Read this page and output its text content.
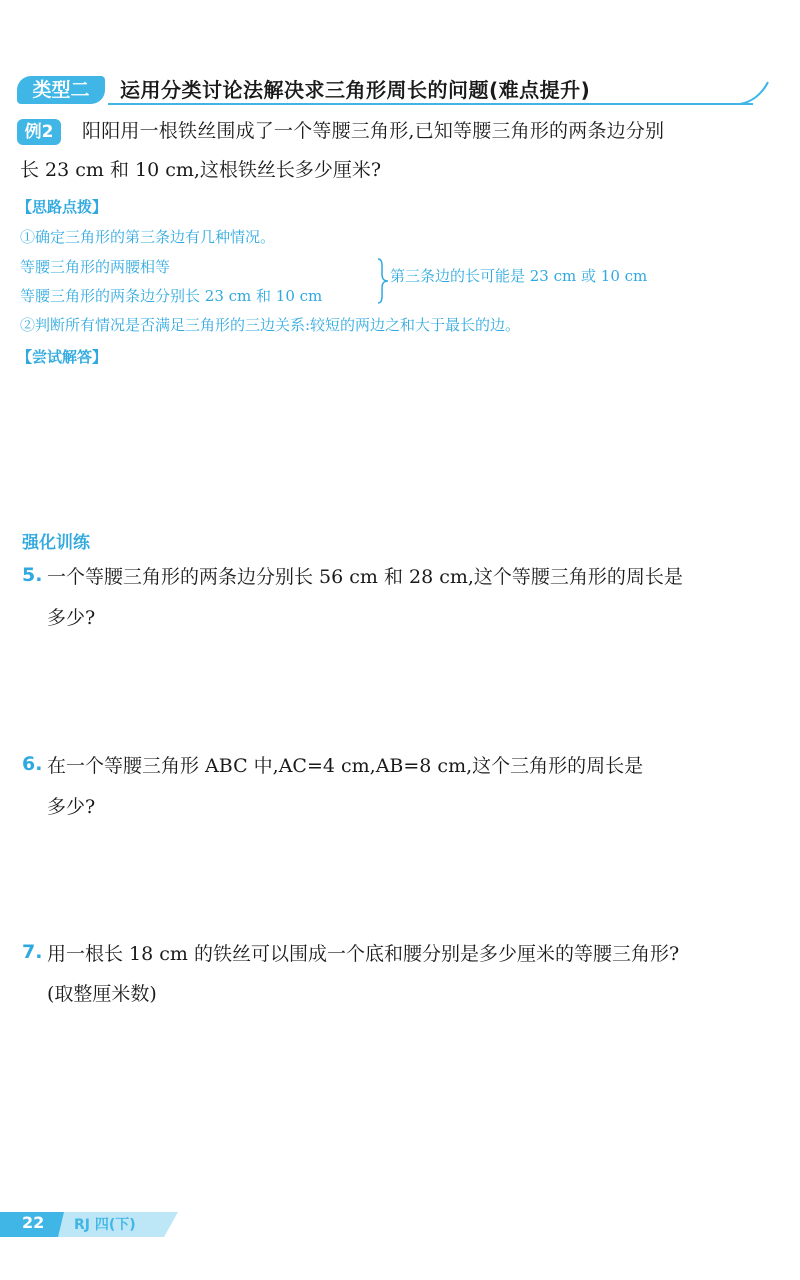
类型二	运用分类讨论法解决求三角形周长的问题(难点提升)
例2	阳阳用一根铁丝围成了一个等腰三角形,已知等腰三角形的两条边分别
长 23 cm 和 10 cm,这根铁丝长多少厘米?
【思路点拨】
①确定三角形的第三条边有几种情况。
等腰三角形的两腰相等
等腰三角形的两条边分别长 23 cm 和 10 cm
第三条边的长可能是 23 cm 或 10 cm
②判断所有情况是否满足三角形的三边关系:较短的两边之和大于最长的边。
【尝试解答】
强化训练
5. 一个等腰三角形的两条边分别长 56 cm 和 28 cm,这个等腰三角形的周长是
多少?
6. 在一个等腰三角形 ABC 中,AC=4 cm,AB=8 cm,这个三角形的周长是
多少?
7. 用一根长 18 cm 的铁丝可以围成一个底和腰分别是多少厘米的等腰三角形?
(取整厘米数)
22 RJ 四(下)
